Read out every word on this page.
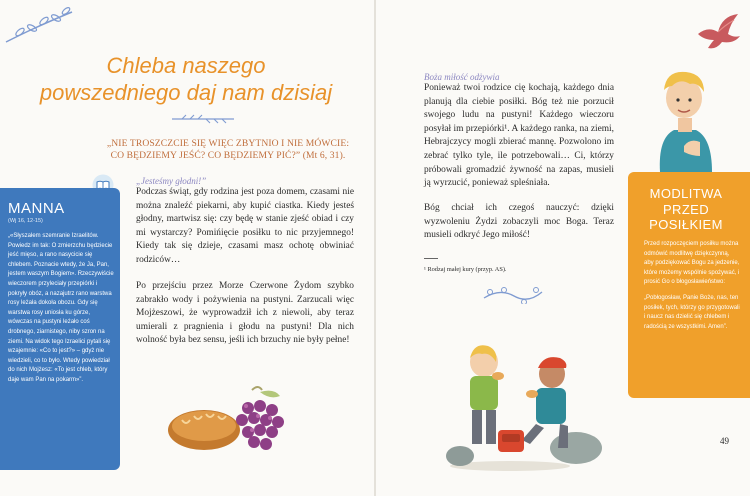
Chleba naszego
powszedniego daj nam dzisiaj
„NIE TROSZCZCIE SIĘ WIĘC ZBYTNIO I NIE MÓWCIE: CO BĘDZIEMY JEŚĆ? CO BĘDZIEMY PIĆ?” (Mt 6, 31).
„Jesteśmy głodni!”
Podczas świąt, gdy rodzina jest poza domem, czasami nie można znaleźć piekarni, aby kupić ciastka. Kiedy jesteś głodny, martwisz się: czy będę w stanie zjeść obiad i czy mi wystarczy? Pomińięcie posiłku to nic przyjemnego! Kiedy tak się dzieje, czasami masz ochotę obwiniać rodziców…
Po przejściu przez Morze Czerwone Żydom szybko zabrakło wody i pożywienia na pustyni. Zarzucali więc Mojżeszowi, że wyprowadził ich z niewoli, aby teraz umierali z pragnienia i głodu na pustyni! Dla nich wolność była bez sensu, jeśli ich brzuchy nie były pełne!
MANNA
(Wj 16, 12-15)
„«Słyszałem szemranie Izraelitów. Powiedz im tak: O zmierzchu będziecie jeść mięso, a rano nasycicie się chlebem. Poznacie wtedy, że Ja, Pan, jestem waszym Bogiem». Rzeczywiście wieczorem przyleciały przepiórki i pokryły obóz, a nazajutrz rano warstwa rosy leżała dokoła obozu. Gdy się warstwa rosy uniosła ku górze, wówczas na pustyni leżało coś drobnego, ziarnistego, niby szron na ziemi. Na widok tego Izraelici pytali się wzajemnie: «Co to jest?» – gdyż nie wiedzieli, co to było. Wtedy powiedział do nich Mojżesz: «To jest chleb, który daje wam Pan na pokarm»”.
Boża miłość odżywia
Ponieważ twoi rodzice cię kochają, każdego dnia planują dla ciebie posiłki. Bóg też nie porzucił swojego ludu na pustyni! Każdego wieczoru posyłał im przepiórki¹. A każdego ranka, na ziemi, Hebrajczycy mogli zbierać mannę. Pozwolono im zebrać tylko tyle, ile potrzebowali… Ci, którzy próbowali gromadzić żywność na zapas, musieli ją wyrzucić, ponieważ spleśniała.
Bóg chciał ich czegoś nauczyć: dzięki wyzwoleniu Żydzi zobaczyli moc Boga. Teraz musieli odkryć Jego miłość!
¹ Rodzaj małej kury (przyp. AS).
MODLITWA PRZED POSIŁKIEM

Przed rozpoczęciem posiłku można odmówić modlitwę dziękczynną, aby podziękować Bogu za jedzenie, które możemy wspólnie spożywać, i prosić Go o błogosławieństwo:

„Pobłogosław, Panie Boże, nas, ten posiłek, tych, którzy go przygotowali i naucz nas dzielić się chlebem i radością ze wszystkimi. Amen”.

49
